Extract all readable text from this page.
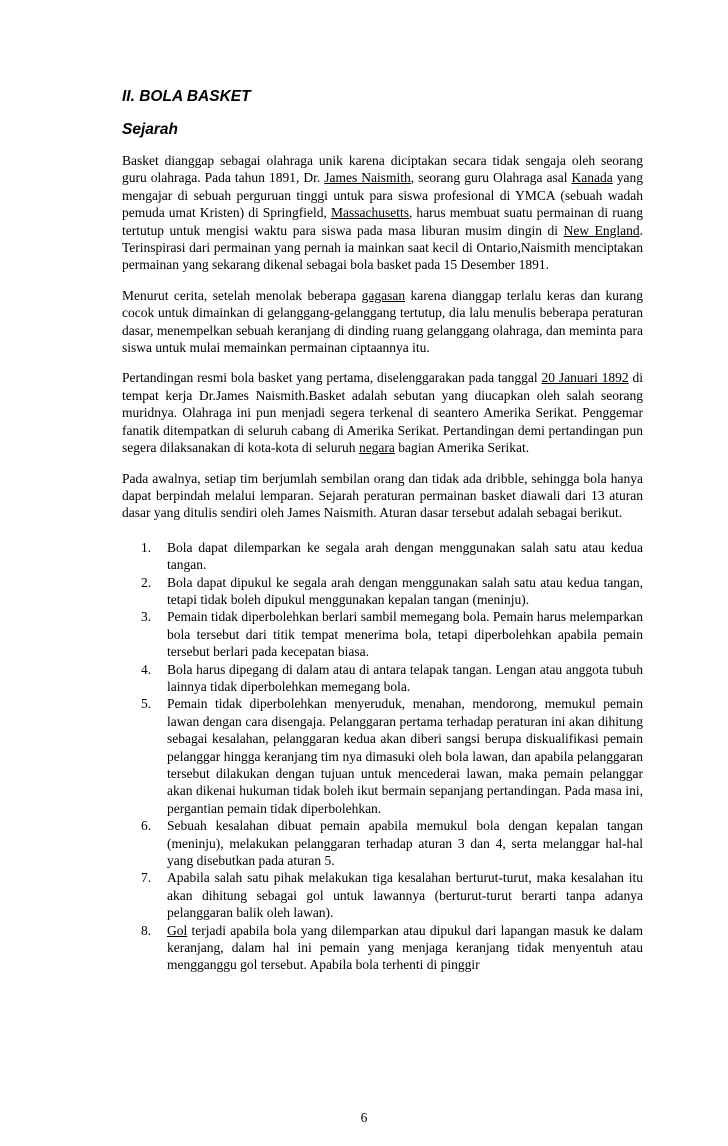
II. BOLA BASKET
Sejarah

Basket dianggap sebagai olahraga unik karena diciptakan secara tidak sengaja oleh seorang guru olahraga. Pada tahun 1891, Dr. James Naismith, seorang guru Olahraga asal Kanada yang mengajar di sebuah perguruan tinggi untuk para siswa profesional di YMCA (sebuah wadah pemuda umat Kristen) di Springfield, Massachusetts, harus membuat suatu permainan di ruang tertutup untuk mengisi waktu para siswa pada masa liburan musim dingin di New England. Terinspirasi dari permainan yang pernah ia mainkan saat kecil di Ontario,Naismith menciptakan permainan yang sekarang dikenal sebagai bola basket pada 15 Desember 1891.

Menurut cerita, setelah menolak beberapa gagasan karena dianggap terlalu keras dan kurang cocok untuk dimainkan di gelanggang-gelanggang tertutup, dia lalu menulis beberapa peraturan dasar, menempelkan sebuah keranjang di dinding ruang gelanggang olahraga, dan meminta para siswa untuk mulai memainkan permainan ciptaannya itu.

Pertandingan resmi bola basket yang pertama, diselenggarakan pada tanggal 20 Januari 1892 di tempat kerja Dr.James Naismith.Basket adalah sebutan yang diucapkan oleh salah seorang muridnya. Olahraga ini pun menjadi segera terkenal di seantero Amerika Serikat. Penggemar fanatik ditempatkan di seluruh cabang di Amerika Serikat. Pertandingan demi pertandingan pun segera dilaksanakan di kota-kota di seluruh negara bagian Amerika Serikat.

Pada awalnya, setiap tim berjumlah sembilan orang dan tidak ada dribble, sehingga bola hanya dapat berpindah melalui lemparan. Sejarah peraturan permainan basket diawali dari 13 aturan dasar yang ditulis sendiri oleh James Naismith. Aturan dasar tersebut adalah sebagai berikut.

1. Bola dapat dilemparkan ke segala arah dengan menggunakan salah satu atau kedua tangan.
2. Bola dapat dipukul ke segala arah dengan menggunakan salah satu atau kedua tangan, tetapi tidak boleh dipukul menggunakan kepalan tangan (meninju).
3. Pemain tidak diperbolehkan berlari sambil memegang bola. Pemain harus melemparkan bola tersebut dari titik tempat menerima bola, tetapi diperbolehkan apabila pemain tersebut berlari pada kecepatan biasa.
4. Bola harus dipegang di dalam atau di antara telapak tangan. Lengan atau anggota tubuh lainnya tidak diperbolehkan memegang bola.
5. Pemain tidak diperbolehkan menyeruduk, menahan, mendorong, memukul pemain lawan dengan cara disengaja. Pelanggaran pertama terhadap peraturan ini akan dihitung sebagai kesalahan, pelanggaran kedua akan diberi sangsi berupa diskualifikasi pemain pelanggar hingga keranjang tim nya dimasuki oleh bola lawan, dan apabila pelanggaran tersebut dilakukan dengan tujuan untuk mencederai lawan, maka pemain pelanggar akan dikenai hukuman tidak boleh ikut bermain sepanjang pertandingan. Pada masa ini, pergantian pemain tidak diperbolehkan.
6. Sebuah kesalahan dibuat pemain apabila memukul bola dengan kepalan tangan (meninju), melakukan pelanggaran terhadap aturan 3 dan 4, serta melanggar hal-hal yang disebutkan pada aturan 5.
7. Apabila salah satu pihak melakukan tiga kesalahan berturut-turut, maka kesalahan itu akan dihitung sebagai gol untuk lawannya (berturut-turut berarti tanpa adanya pelanggaran balik oleh lawan).
8. Gol terjadi apabila bola yang dilemparkan atau dipukul dari lapangan masuk ke dalam keranjang, dalam hal ini pemain yang menjaga keranjang tidak menyentuh atau mengganggu gol tersebut. Apabila bola terhenti di pinggir
6
